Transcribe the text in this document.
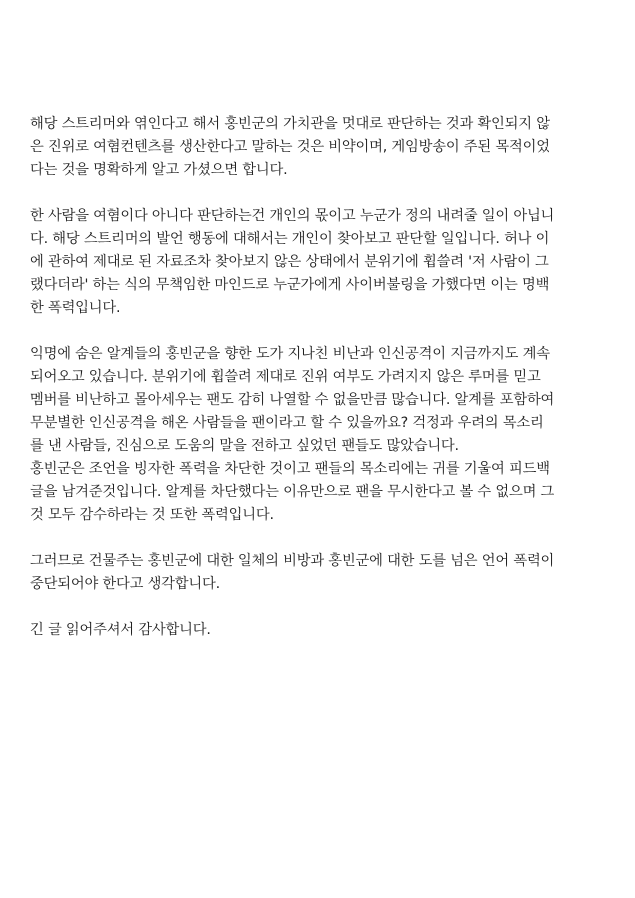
해당 스트리머와 엮인다고 해서 홍빈군의 가치관을 멋대로 판단하는 것과 확인되지 않
은 진위로 여혐컨텐츠를 생산한다고 말하는 것은 비약이며, 게임방송이 주된 목적이었
다는 것을 명확하게 알고 가셨으면 합니다.

한 사람을 여혐이다 아니다 판단하는건 개인의 몫이고 누군가 정의 내려줄 일이 아닙니
다. 해당 스트리머의 발언 행동에 대해서는 개인이 찾아보고 판단할 일입니다. 허나 이
에 관하여 제대로 된 자료조차 찾아보지 않은 상태에서 분위기에 휩쓸려 '저 사람이 그
랬다더라' 하는 식의 무책임한 마인드로 누군가에게 사이버불링을 가했다면 이는 명백
한 폭력입니다.

익명에 숨은 알계들의 홍빈군을 향한 도가 지나친 비난과 인신공격이 지금까지도 계속
되어오고 있습니다. 분위기에 휩쓸려 제대로 진위 여부도 가려지지 않은 루머를 믿고
멤버를 비난하고 몰아세우는 팬도 감히 나열할 수 없을만큼 많습니다. 알계를 포함하여
무분별한 인신공격을 해온 사람들을 팬이라고 할 수 있을까요? 걱정과 우려의 목소리
를 낸 사람들, 진심으로 도움의 말을 전하고 싶었던 팬들도 많았습니다.
홍빈군은 조언을 빙자한 폭력을 차단한 것이고 팬들의 목소리에는 귀를 기울여 피드백
글을 남겨준것입니다. 알계를 차단했다는 이유만으로 팬을 무시한다고 볼 수 없으며 그
것 모두 감수하라는 것 또한 폭력입니다.

그러므로 건물주는 홍빈군에 대한 일체의 비방과 홍빈군에 대한 도를 넘은 언어 폭력이
중단되어야 한다고 생각합니다.

긴 글 읽어주셔서 감사합니다.
